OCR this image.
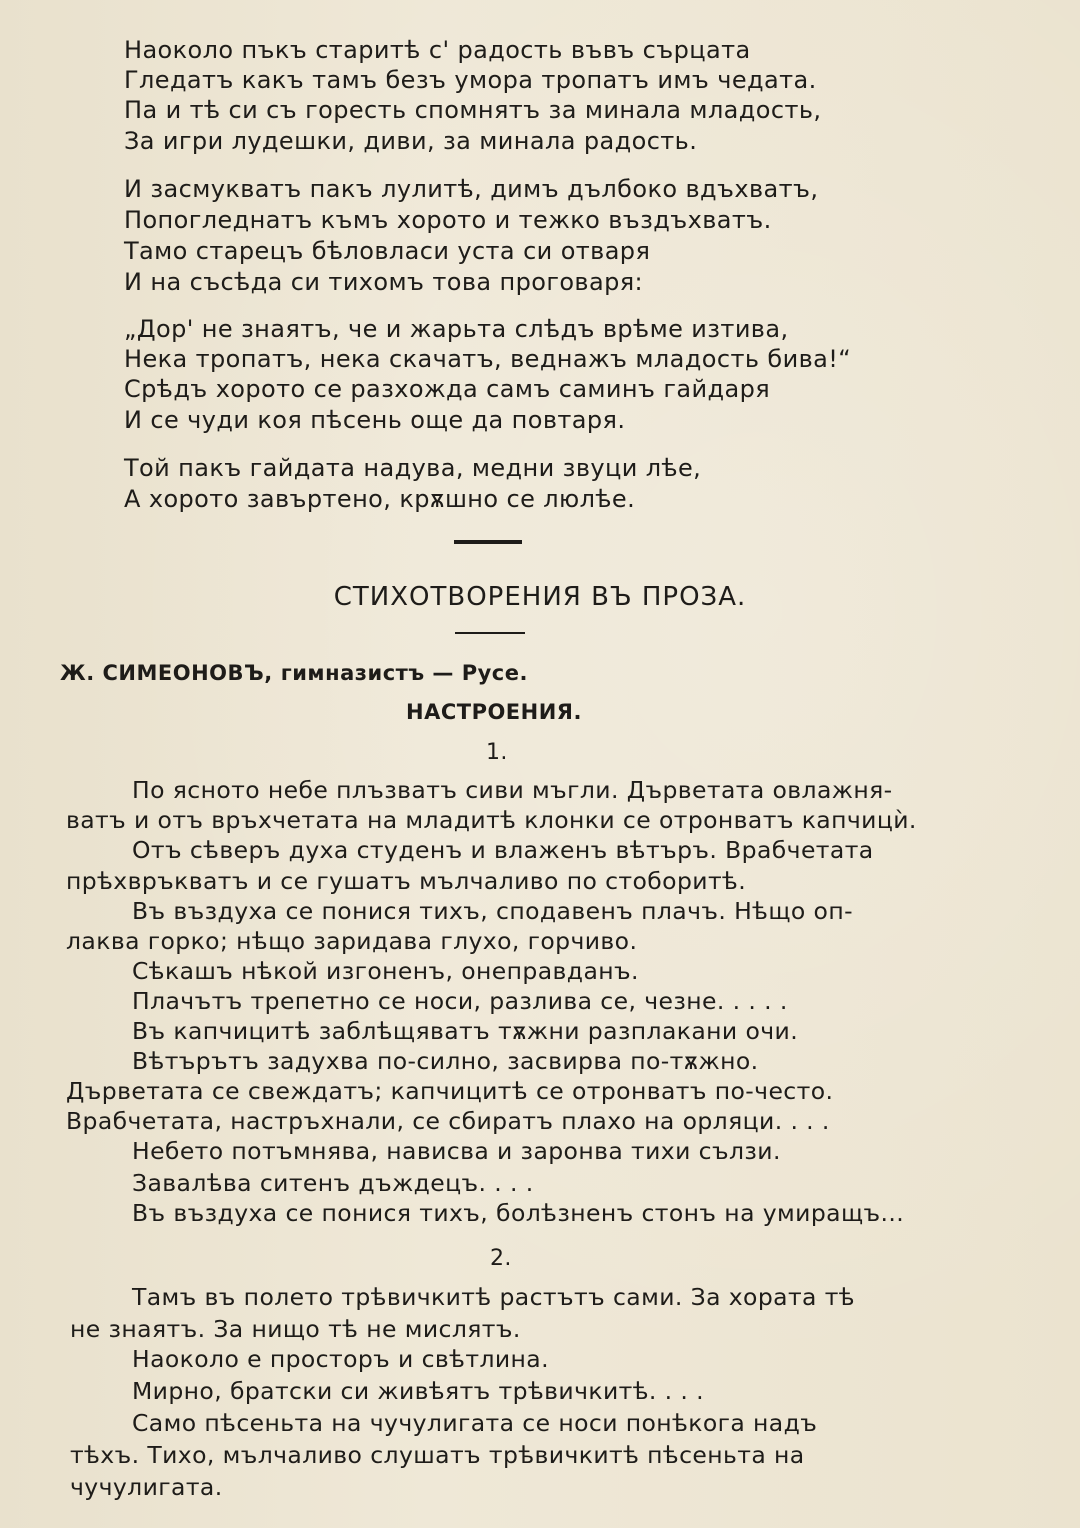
Наоколо пъкъ старитѣ с' радость въвъ сърцата
Гледатъ какъ тамъ безъ умора тропатъ имъ чедата.
Па и тѣ си съ горесть спомнятъ за минала младость,
За игри лудешки, диви, за минала радость.
И засмукватъ пакъ лулитѣ, димъ дълбоко вдъхватъ,
Попогледнатъ къмъ хорото и тежко въздъхватъ.
Тамо старецъ бѣловласи уста си отваря
И на съсѣда си тихомъ това проговаря:
„Дор' не знаятъ, че и жарьта слѣдъ врѣме изтива,
Нека тропатъ, нека скачатъ, веднажъ младость бива!“
Срѣдъ хорото се разхожда самъ саминъ гайдаря
И се чуди коя пѣсень още да повтаря.
Той пакъ гайдата надува, медни звуци лѣе,
А хорото завъртено, крѫшно се люлѣе.
СТИХОТВОРЕНИЯ ВЪ ПРОЗА.
Ж. СИМЕОНОВЪ, гимназистъ — Русе.
НАСТРОЕНИЯ.
1.
По ясното небе плъзватъ сиви мъгли. Дърветата овлажня-
ватъ и отъ връхчетата на младитѣ клонки се отронватъ капчицѝ.
Отъ сѣверъ духа студенъ и влаженъ вѣтъръ. Врабчетата
прѣхвръкватъ и се гушатъ мълчаливо по стоборитѣ.
Въ въздуха се понися тихъ, сподавенъ плачъ. Нѣщо оп-
лаква горко; нѣщо заридава глухо, горчиво.
Сѣкашъ нѣкой изгоненъ, онеправданъ.
Плачътъ трепетно се носи, разлива се, чезне. . . . .
Въ капчицитѣ заблѣщяватъ тѫжни разплакани очи.
Вѣтърътъ задухва по-силно, засвирва по-тѫжно.
Дърветата се свеждатъ; капчицитѣ се отронватъ по-често.
Врабчетата, настръхнали, се сбиратъ плахо на орляци. . . .
Небето потъмнява, нависва и заронва тихи сълзи.
Завалѣва ситенъ дъждецъ. . . .
Въ въздуха се понися тихъ, болѣзненъ стонъ на умиращъ...
2.
Тамъ въ полето трѣвичкитѣ растътъ сами. За хората тѣ
не знаятъ. За нищо тѣ не мислятъ.
Наоколо е просторъ и свѣтлина.
Мирно, братски си живѣятъ трѣвичкитѣ. . . .
Само пѣсеньта на чучулигата се носи понѣкога надъ
тѣхъ. Тихо, мълчаливо слушатъ трѣвичкитѣ пѣсеньта на
чучулигата.
